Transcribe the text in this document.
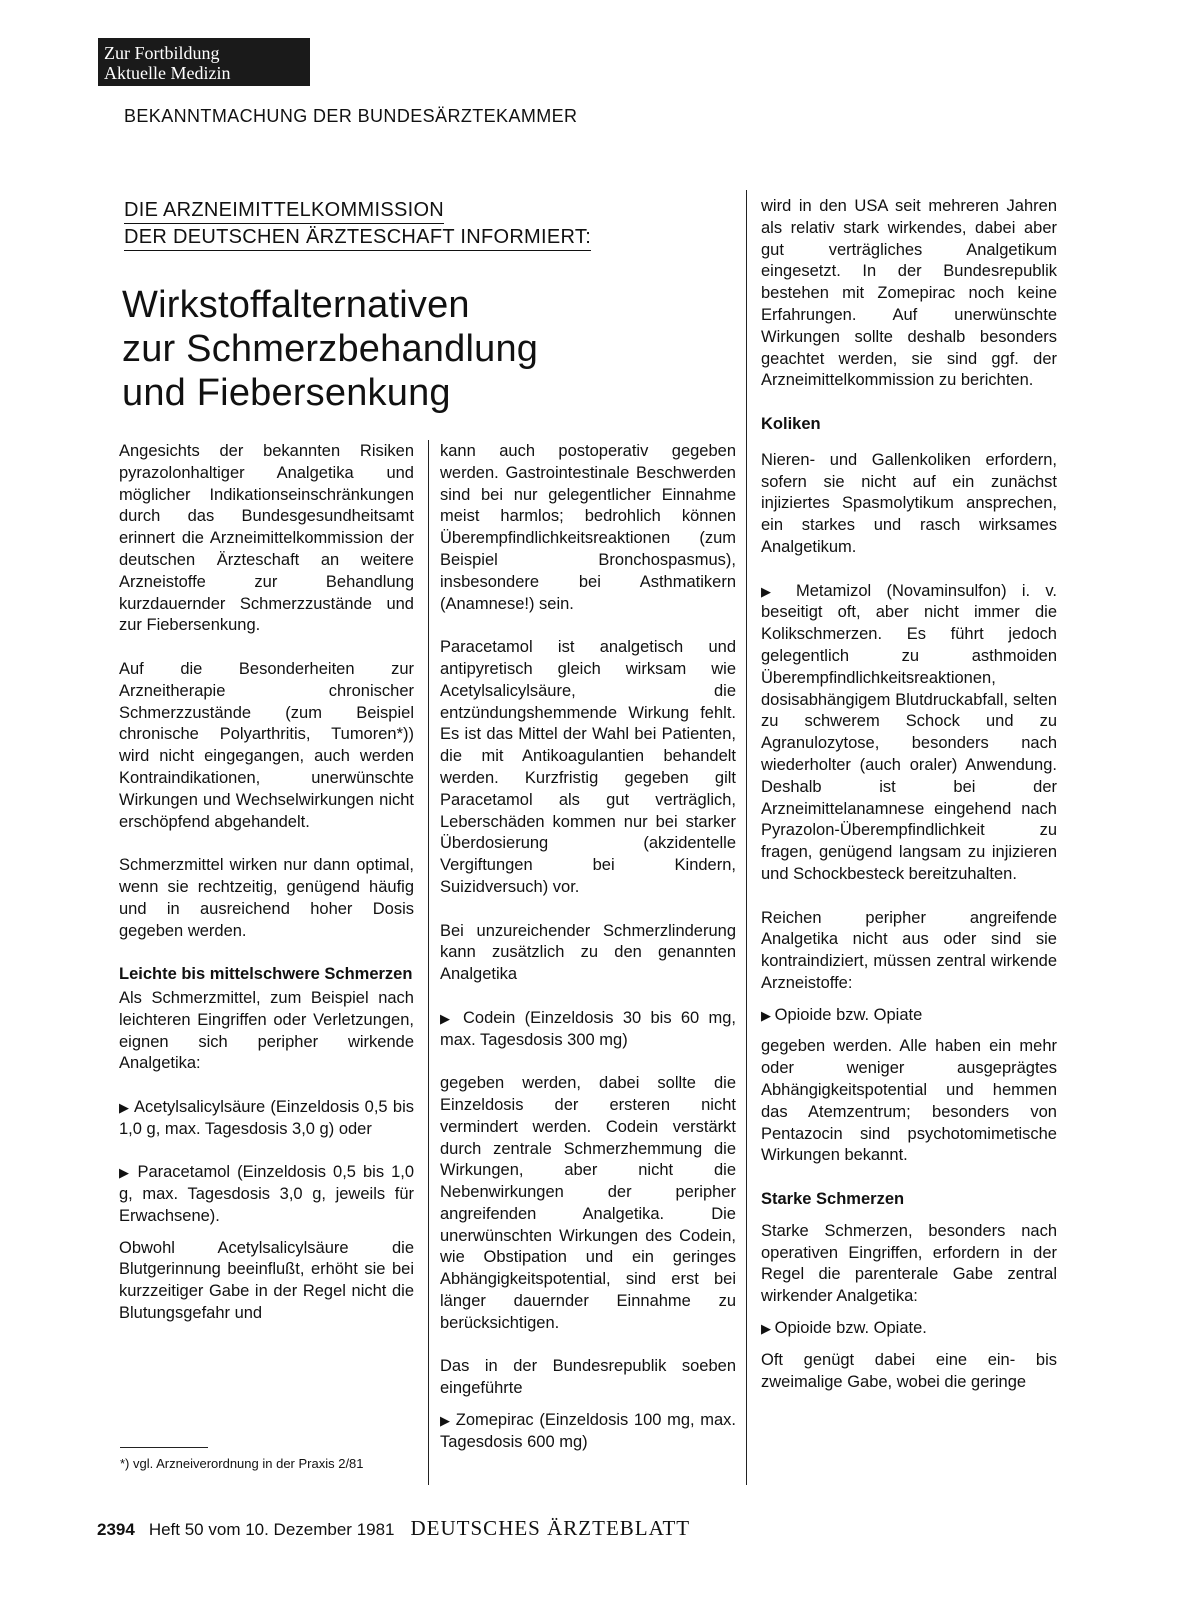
Zur Fortbildung
Aktuelle Medizin
BEKANNTMACHUNG DER BUNDESÄRZTEKAMMER
DIE ARZNEIMITTELKOMMISSION
DER DEUTSCHEN ÄRZTESCHAFT INFORMIERT:
Wirkstoffalternativen
zur Schmerzbehandlung
und Fiebersenkung

Angesichts der bekannten Risiken pyrazolonhaltiger Analgetika und möglicher Indikationseinschränkungen durch das Bundesgesundheitsamt erinnert die Arzneimittelkommission der deutschen Ärzteschaft an weitere Arzneistoffe zur Behandlung kurzdauernder Schmerzzustände und zur Fiebersenkung.

Auf die Besonderheiten zur Arzneitherapie chronischer Schmerzzustände (zum Beispiel chronische Polyarthritis, Tumoren*)) wird nicht eingegangen, auch werden Kontraindikationen, unerwünschte Wirkungen und Wechselwirkungen nicht erschöpfend abgehandelt.

Schmerzmittel wirken nur dann optimal, wenn sie rechtzeitig, genügend häufig und in ausreichend hoher Dosis gegeben werden.

Leichte bis mittelschwere Schmerzen

Als Schmerzmittel, zum Beispiel nach leichteren Eingriffen oder Verletzungen, eignen sich peripher wirkende Analgetika:

▶ Acetylsalicylsäure (Einzeldosis 0,5 bis 1,0 g, max. Tagesdosis 3,0 g) oder

▶ Paracetamol (Einzeldosis 0,5 bis 1,0 g, max. Tagesdosis 3,0 g, jeweils für Erwachsene).

Obwohl Acetylsalicylsäure die Blutgerinnung beeinflußt, erhöht sie bei kurzzeitiger Gabe in der Regel nicht die Blutungsgefahr und

*) vgl. Arzneiverordnung in der Praxis 2/81

kann auch postoperativ gegeben werden. Gastrointestinale Beschwerden sind bei nur gelegentlicher Einnahme meist harmlos; bedrohlich können Überempfindlichkeitsreaktionen (zum Beispiel Bronchospasmus), insbesondere bei Asthmatikern (Anamnese!) sein.

Paracetamol ist analgetisch und antipyretisch gleich wirksam wie Acetylsalicylsäure, die entzündungshemmende Wirkung fehlt. Es ist das Mittel der Wahl bei Patienten, die mit Antikoagulantien behandelt werden. Kurzfristig gegeben gilt Paracetamol als gut verträglich, Leberschäden kommen nur bei starker Überdosierung (akzidentelle Vergiftungen bei Kindern, Suizidversuch) vor.

Bei unzureichender Schmerzlinderung kann zusätzlich zu den genannten Analgetika

▶ Codein (Einzeldosis 30 bis 60 mg, max. Tagesdosis 300 mg)

gegeben werden, dabei sollte die Einzeldosis der ersteren nicht vermindert werden. Codein verstärkt durch zentrale Schmerzhemmung die Wirkungen, aber nicht die Nebenwirkungen der peripher angreifenden Analgetika. Die unerwünschten Wirkungen des Codein, wie Obstipation und ein geringes Abhängigkeitspotential, sind erst bei länger dauernder Einnahme zu berücksichtigen.

Das in der Bundesrepublik soeben eingeführte

▶ Zomepirac (Einzeldosis 100 mg, max. Tagesdosis 600 mg)

wird in den USA seit mehreren Jahren als relativ stark wirkendes, dabei aber gut verträgliches Analgetikum eingesetzt. In der Bundesrepublik bestehen mit Zomepirac noch keine Erfahrungen. Auf unerwünschte Wirkungen sollte deshalb besonders geachtet werden, sie sind ggf. der Arzneimittelkommission zu berichten.

Koliken

Nieren- und Gallenkoliken erfordern, sofern sie nicht auf ein zunächst injiziertes Spasmolytikum ansprechen, ein starkes und rasch wirksames Analgetikum.

▶ Metamizol (Novaminsulfon) i. v. beseitigt oft, aber nicht immer die Kolikschmerzen. Es führt jedoch gelegentlich zu asthmoiden Überempfindlichkeitsreaktionen, dosisabhängigem Blutdruckabfall, selten zu schwerem Schock und zu Agranulozytose, besonders nach wiederholter (auch oraler) Anwendung. Deshalb ist bei der Arzneimittelanamnese eingehend nach Pyrazolon-Überempfindlichkeit zu fragen, genügend langsam zu injizieren und Schockbesteck bereitzuhalten.

Reichen peripher angreifende Analgetika nicht aus oder sind sie kontraindiziert, müssen zentral wirkende Arzneistoffe:

▶ Opioide bzw. Opiate

gegeben werden. Alle haben ein mehr oder weniger ausgeprägtes Abhängigkeitspotential und hemmen das Atemzentrum; besonders von Pentazocin sind psychotomimetische Wirkungen bekannt.

Starke Schmerzen

Starke Schmerzen, besonders nach operativen Eingriffen, erfordern in der Regel die parenterale Gabe zentral wirkender Analgetika:

▶ Opioide bzw. Opiate.

Oft genügt dabei eine ein- bis zweimalige Gabe, wobei die geringe

2394 Heft 50 vom 10. Dezember 1981 DEUTSCHES ÄRZTEBLATT
